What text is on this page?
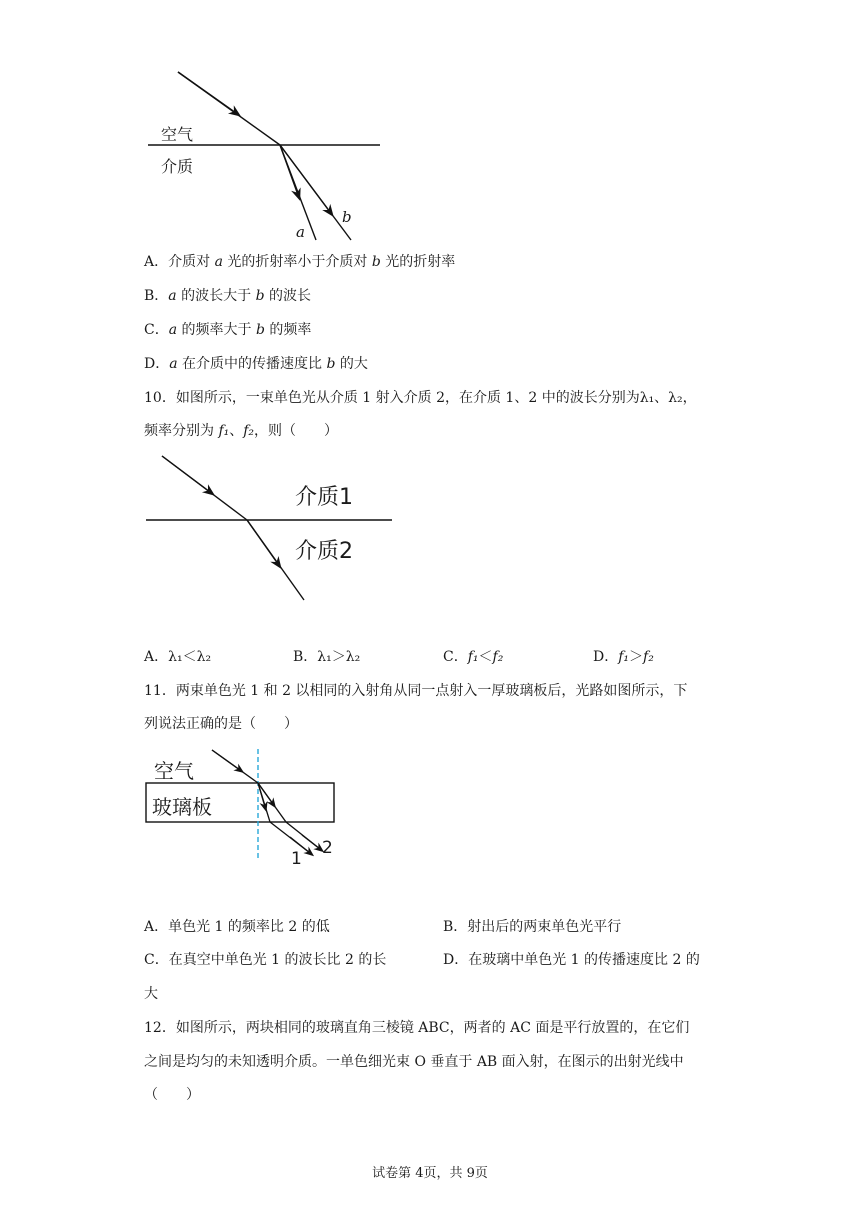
空气
介质
a
b
A．介质对 a 光的折射率小于介质对 b 光的折射率
B．a 的波长大于 b 的波长
C．a 的频率大于 b 的频率
D．a 在介质中的传播速度比 b 的大
10．如图所示，一束单色光从介质 1 射入介质 2，在介质 1、2 中的波长分别为λ₁、λ₂，
频率分别为 f₁、f₂，则（　　）
介质1
介质2
A．λ₁＜λ₂	B．λ₁＞λ₂	C．f₁＜f₂	D．f₁＞f₂
11．两束单色光 1 和 2 以相同的入射角从同一点射入一厚玻璃板后，光路如图所示，下
列说法正确的是（　　）
空气
玻璃板
1
2
A．单色光 1 的频率比 2 的低	B．射出后的两束单色光平行
C．在真空中单色光 1 的波长比 2 的长	D．在玻璃中单色光 1 的传播速度比 2 的
大
12．如图所示，两块相同的玻璃直角三棱镜 ABC，两者的 AC 面是平行放置的，在它们
之间是均匀的未知透明介质。一单色细光束 O 垂直于 AB 面入射，在图示的出射光线中
（　　）
试卷第 4页，共 9页
